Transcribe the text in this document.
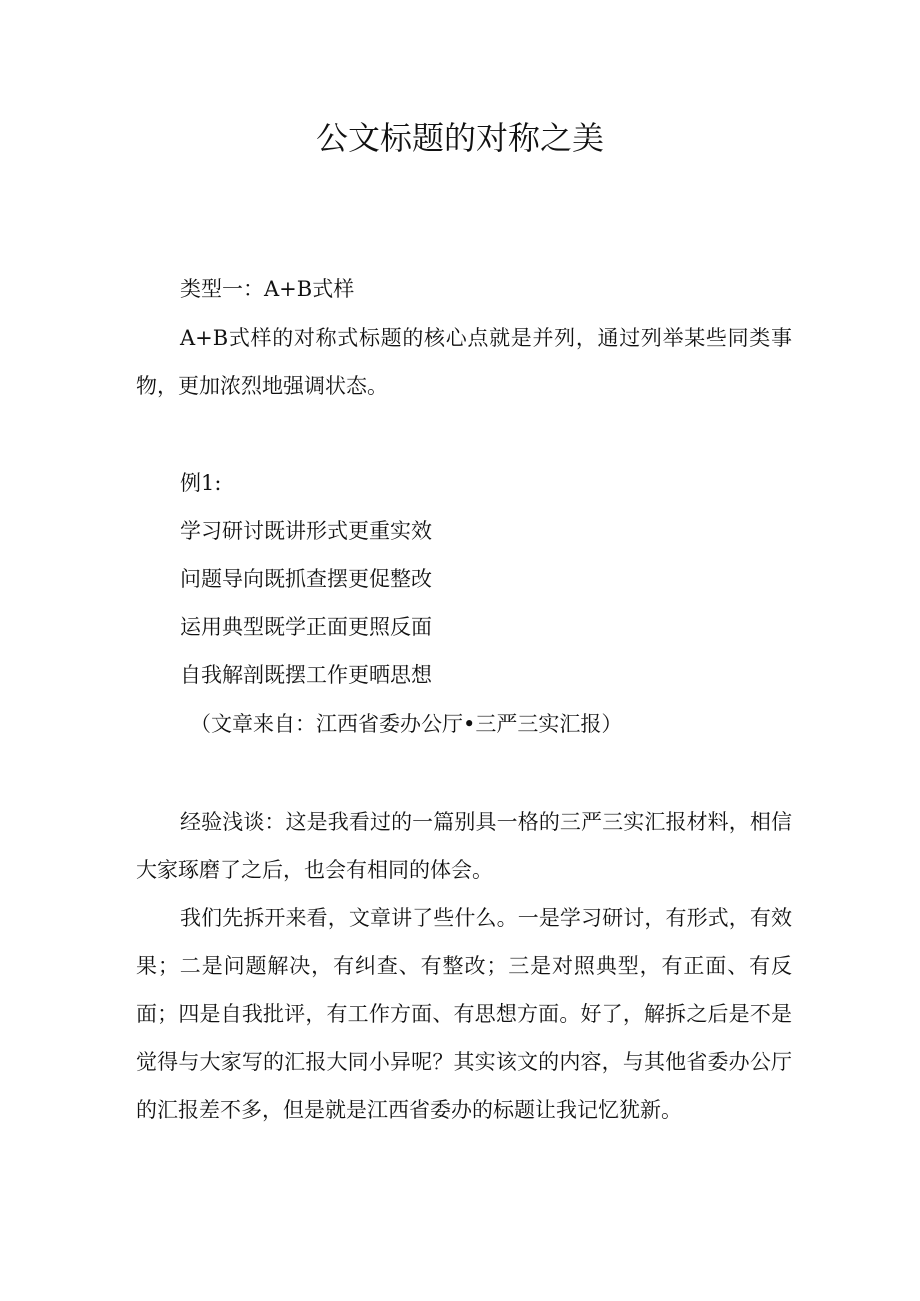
公文标题的对称之美

类型一：A+B式样

A+B式样的对称式标题的核心点就是并列，通过列举某些同类事物，更加浓烈地强调状态。

例1:

学习研讨既讲形式更重实效

问题导向既抓查摆更促整改

运用典型既学正面更照反面

自我解剖既摆工作更晒思想

（文章来自：江西省委办公厅•三严三实汇报）

经验浅谈：这是我看过的一篇别具一格的三严三实汇报材料，相信大家琢磨了之后，也会有相同的体会。

我们先拆开来看，文章讲了些什么。一是学习研讨，有形式，有效果；二是问题解决，有纠查、有整改；三是对照典型，有正面、有反面；四是自我批评，有工作方面、有思想方面。好了，解拆之后是不是觉得与大家写的汇报大同小异呢？其实该文的内容，与其他省委办公厅的汇报差不多，但是就是江西省委办的标题让我记忆犹新。
